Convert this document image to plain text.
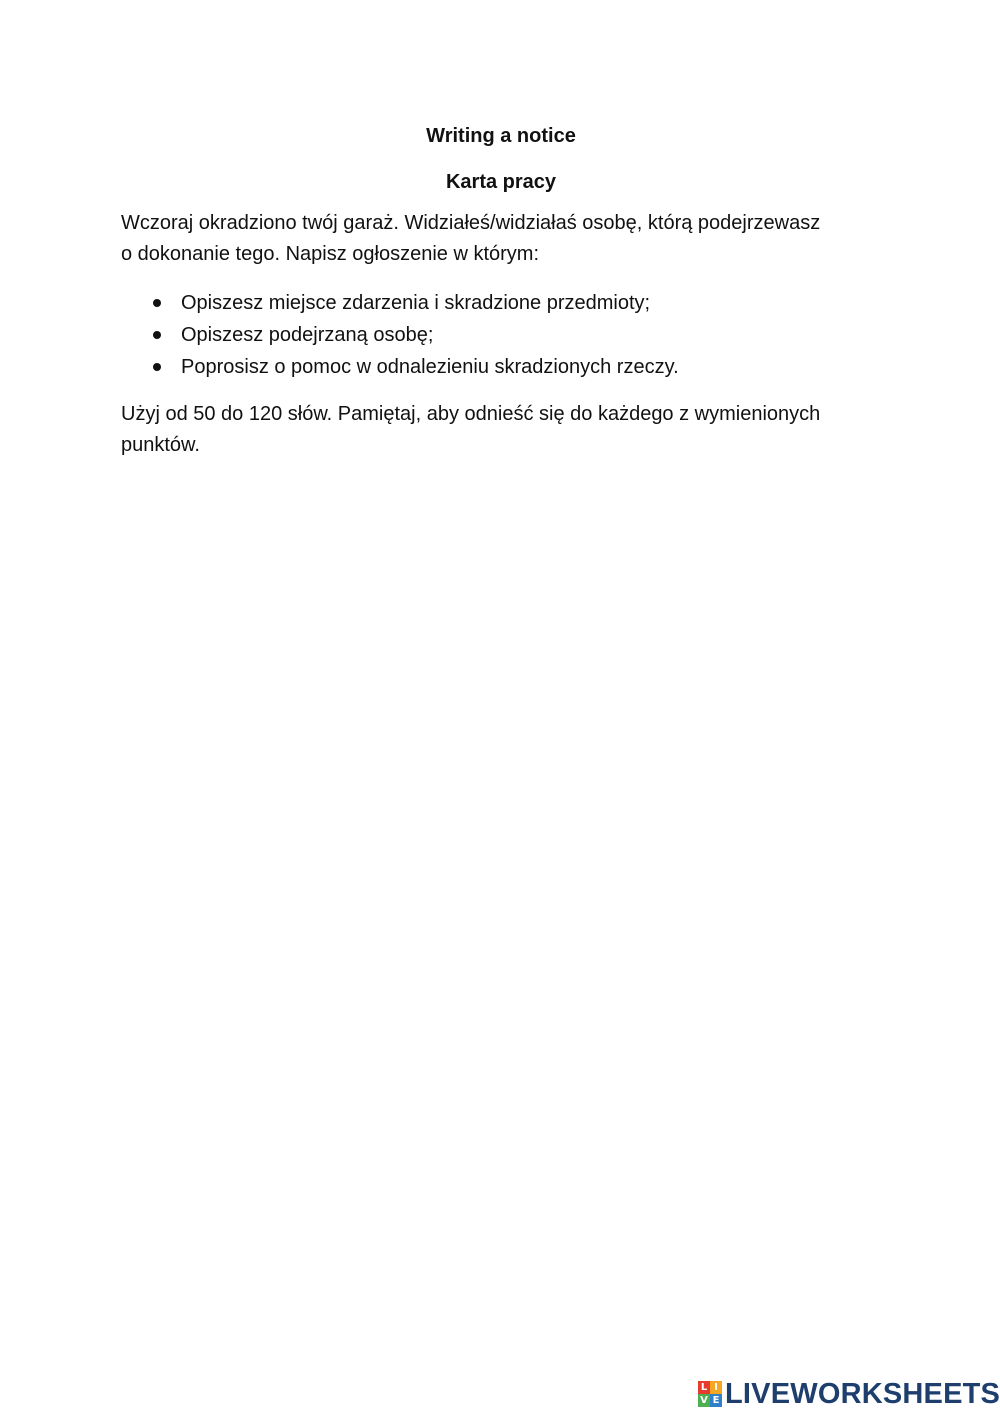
Writing a notice

Karta pracy

Wczoraj okradziono twój garaż. Widziałeś/widziałaś osobę, którą podejrzewasz
o dokonanie tego. Napisz ogłoszenie w którym:

Opiszesz miejsce zdarzenia i skradzione przedmioty;
Opiszesz podejrzaną osobę;
Poprosisz o pomoc w odnalezieniu skradzionych rzeczy.

Użyj od 50 do 120 słów. Pamiętaj, aby odnieść się do każdego z wymienionych
punktów.

L I
V E LIVEWORKSHEETS
